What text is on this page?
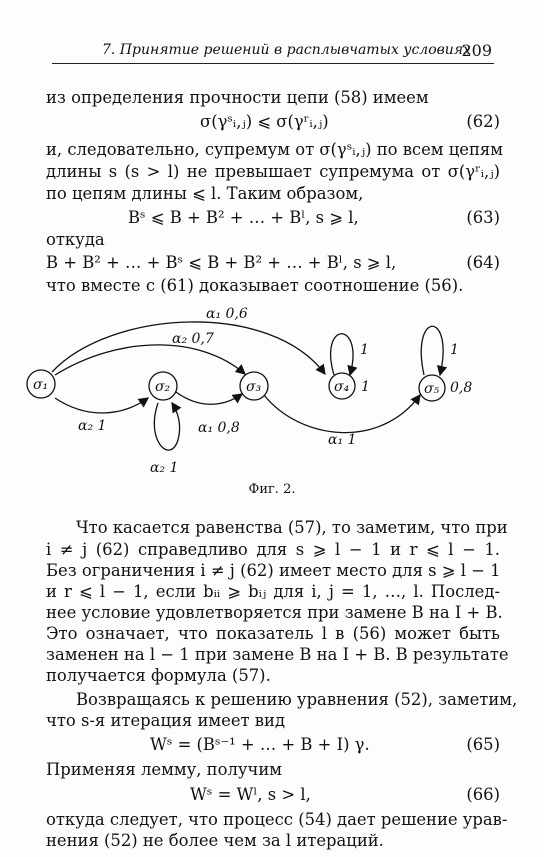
7. Принятие решений в расплывчатых условиях
209
из определения прочности цепи (58) имеем
σ(γˢᵢ,ⱼ) ⩽ σ(γʳᵢ,ⱼ)	(62)
и, следовательно, супремум от σ(γˢᵢ,ⱼ) по всем цепям
длины s (s > l) не превышает супремума от σ(γʳᵢ,ⱼ)
по цепям длины ⩽ l. Таким образом,
Bˢ ⩽ B + B² + … + Bˡ, s ⩾ l,	(63)
откуда
B + B² + … + Bˢ ⩽ B + B² + … + Bˡ, s ⩾ l,	(64)
что вместе с (61) доказывает соотношение (56).
σ₁	σ₂	σ₃	σ₄	σ₅
1	0,8
α₁ 0,6
α₂ 0,7
α₂ 1
α₂ 1
α₁ 0,8
α₁ 1
1	1
Фиг. 2.
Что касается равенства (57), то заметим, что при
i ≠ j (62) справедливо для s ⩾ l − 1 и r ⩽ l − 1.
Без ограничения i ≠ j (62) имеет место для s ⩾ l − 1
и r ⩽ l − 1, если bᵢᵢ ⩾ bᵢⱼ для i, j = 1, …, l. Послед-
нее условие удовлетворяется при замене B на I + B.
Это означает, что показатель l в (56) может быть
заменен на l − 1 при замене B на I + B. В результате
получается формула (57).
Возвращаясь к решению уравнения (52), заметим,
что s-я итерация имеет вид
Wˢ = (Bˢ⁻¹ + … + B + I) γ.	(65)
Применяя лемму, получим
Wˢ = Wˡ, s > l,	(66)
откуда следует, что процесс (54) дает решение урав-
нения (52) не более чем за l итераций.
